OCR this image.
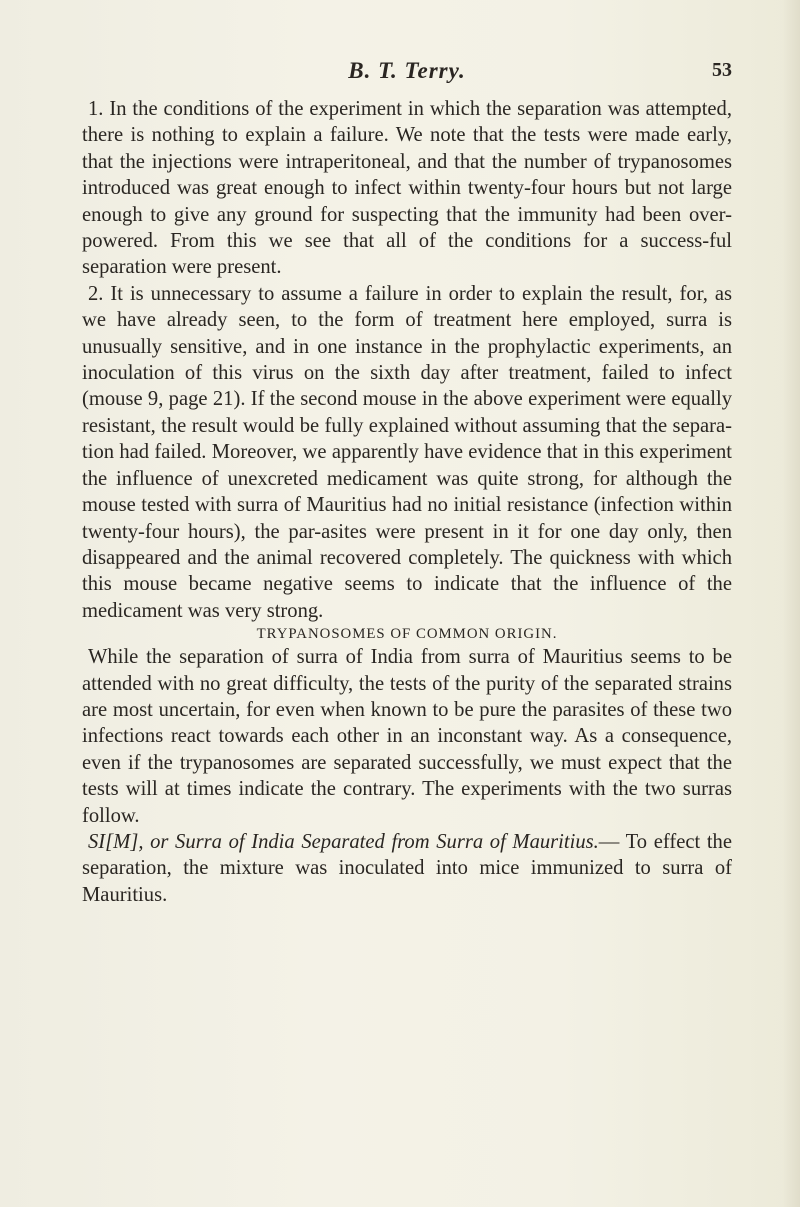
B. T. Terry.	53

1. In the conditions of the experiment in which the separation was attempted, there is nothing to explain a failure. We note that the tests were made early, that the injections were intraperitoneal, and that the number of trypanosomes introduced was great enough to infect within twenty-four hours but not large enough to give any ground for suspecting that the immunity had been over-powered. From this we see that all of the conditions for a success-ful separation were present.

2. It is unnecessary to assume a failure in order to explain the result, for, as we have already seen, to the form of treatment here employed, surra is unusually sensitive, and in one instance in the prophylactic experiments, an inoculation of this virus on the sixth day after treatment, failed to infect (mouse 9, page 21). If the second mouse in the above experiment were equally resistant, the result would be fully explained without assuming that the separa-tion had failed. Moreover, we apparently have evidence that in this experiment the influence of unexcreted medicament was quite strong, for although the mouse tested with surra of Mauritius had no initial resistance (infection within twenty-four hours), the par-asites were present in it for one day only, then disappeared and the animal recovered completely. The quickness with which this mouse became negative seems to indicate that the influence of the medicament was very strong.

TRYPANOSOMES OF COMMON ORIGIN.

While the separation of surra of India from surra of Mauritius seems to be attended with no great difficulty, the tests of the purity of the separated strains are most uncertain, for even when known to be pure the parasites of these two infections react towards each other in an inconstant way. As a consequence, even if the trypanosomes are separated successfully, we must expect that the tests will at times indicate the contrary. The experiments with the two surras follow.

SI[M], or Surra of India Separated from Surra of Mauritius.— To effect the separation, the mixture was inoculated into mice immunized to surra of Mauritius.
